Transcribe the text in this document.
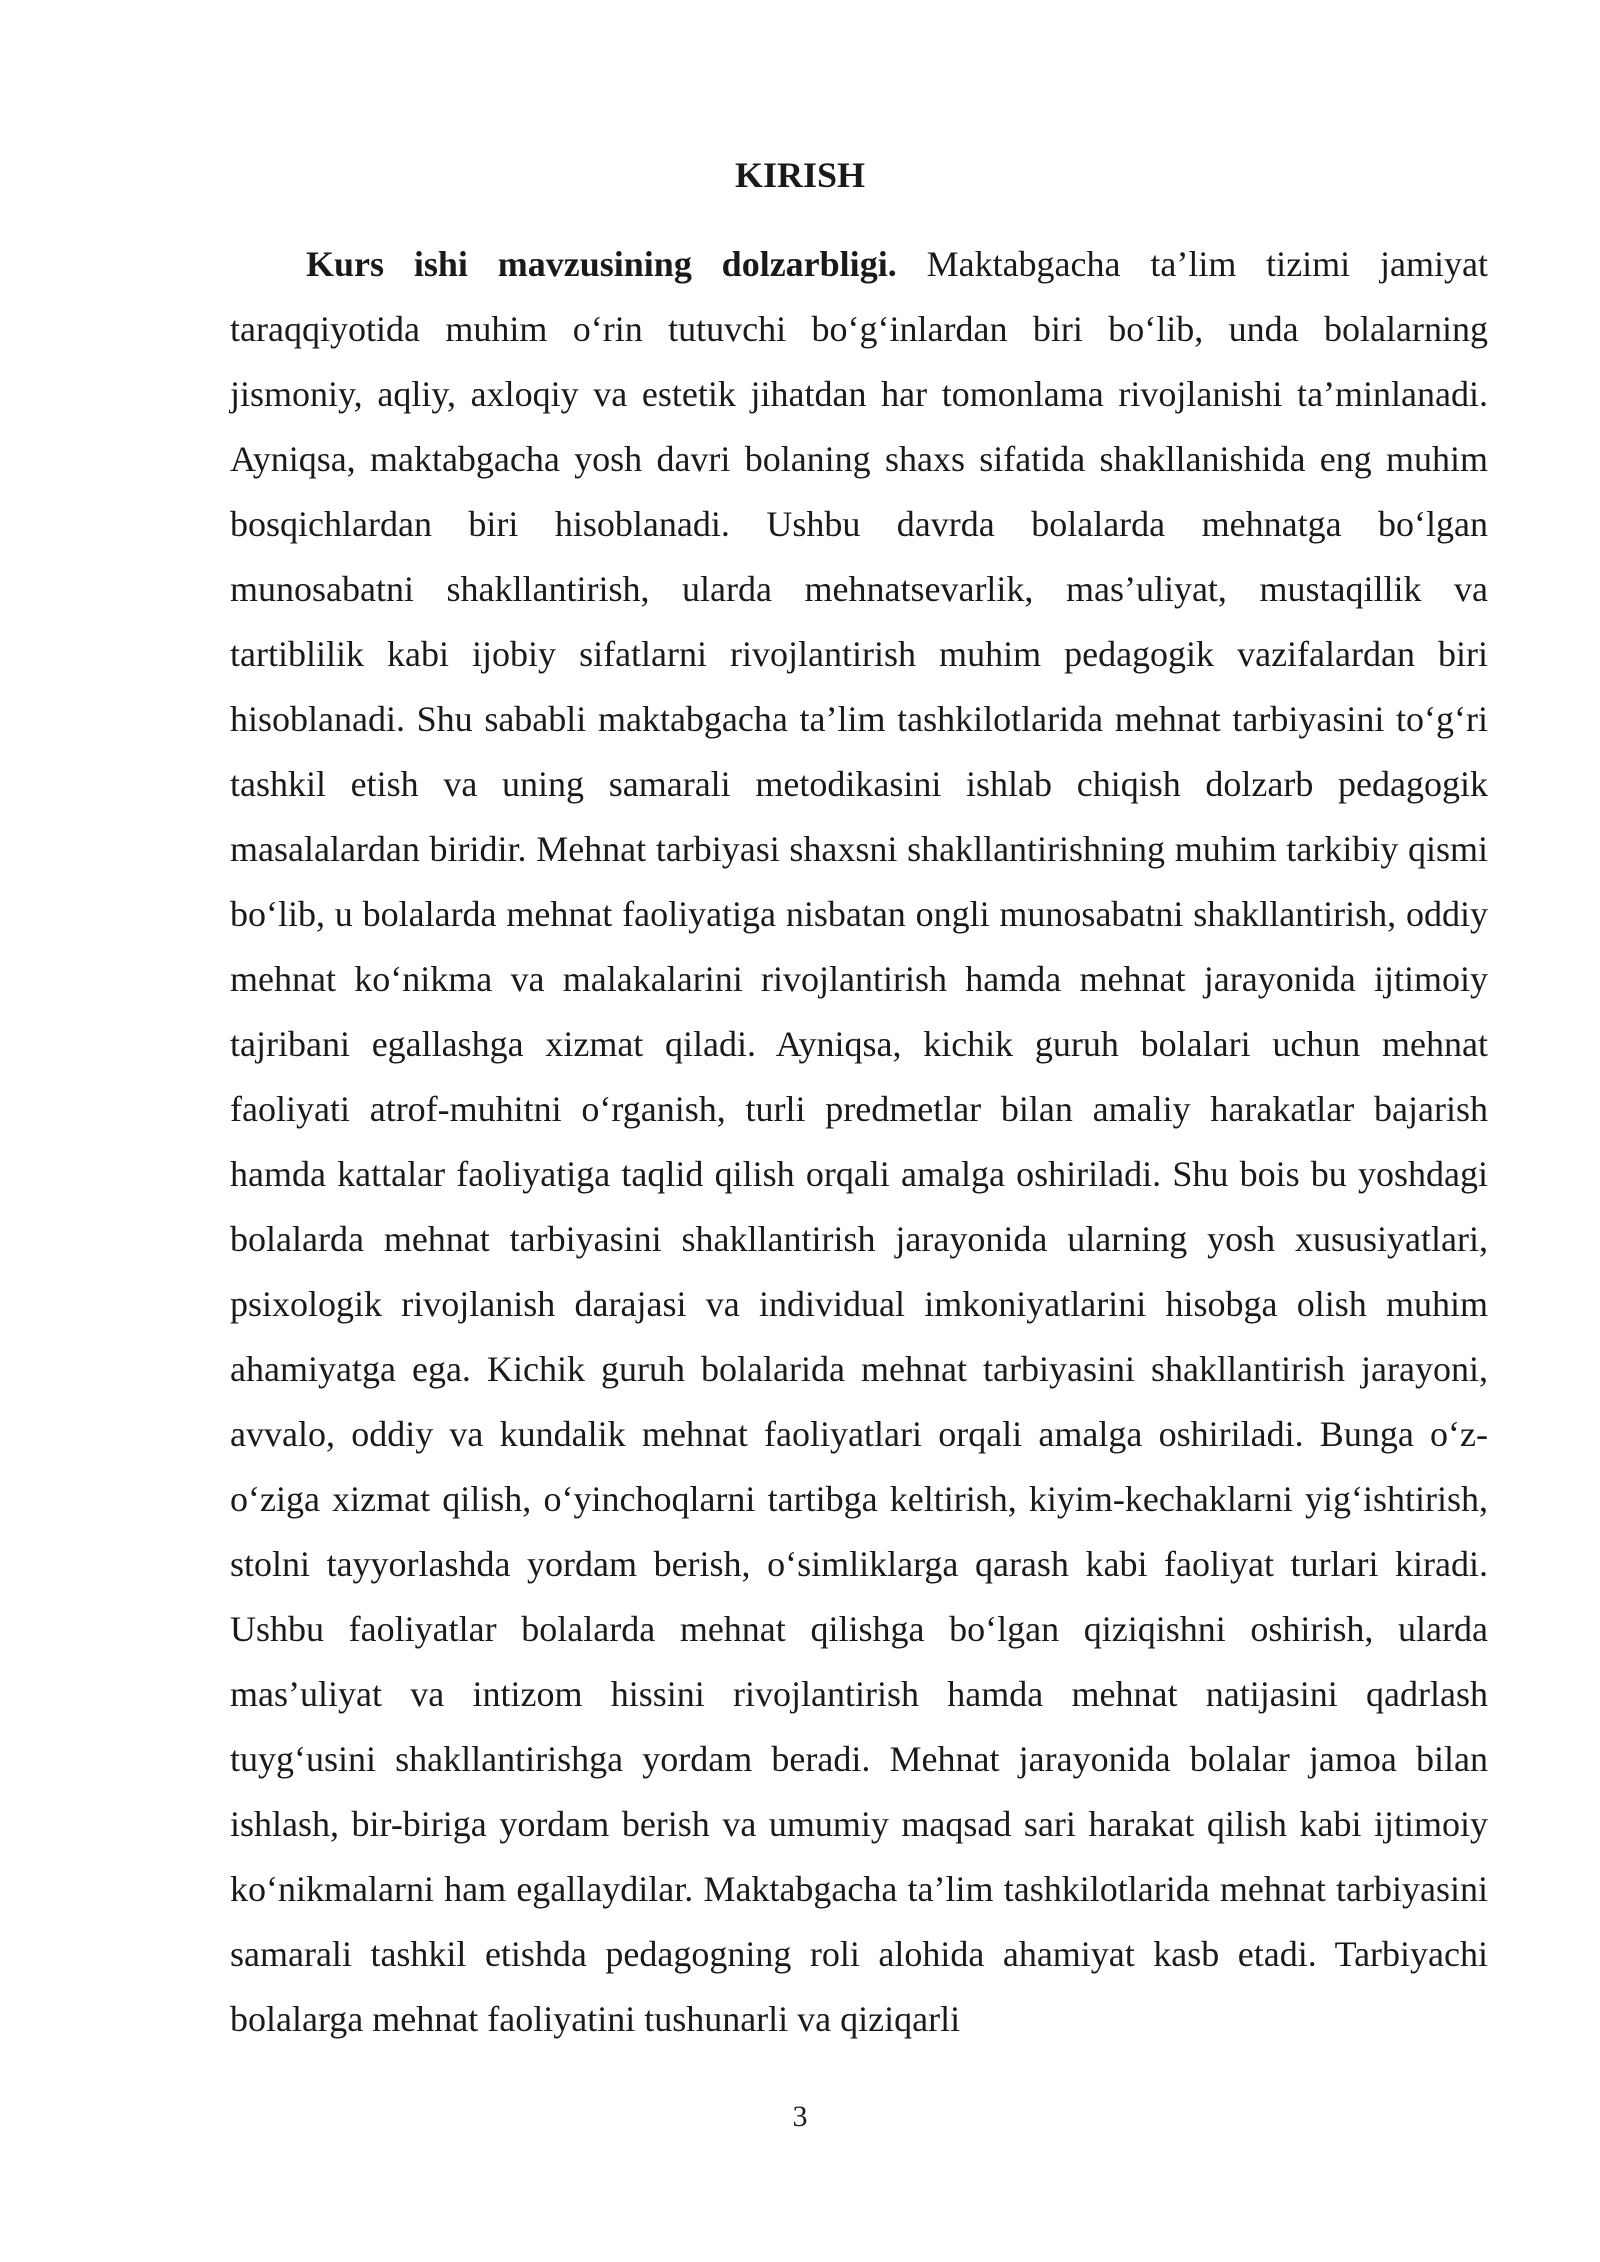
KIRISH

Kurs ishi mavzusining dolzarbligi. Maktabgacha ta’lim tizimi jamiyat taraqqiyotida muhim o‘rin tutuvchi bo‘g‘inlardan biri bo‘lib, unda bolalarning jismoniy, aqliy, axloqiy va estetik jihatdan har tomonlama rivojlanishi ta’minlanadi. Ayniqsa, maktabgacha yosh davri bolaning shaxs sifatida shakllanishida eng muhim bosqichlardan biri hisoblanadi. Ushbu davrda bolalarda mehnatga bo‘lgan munosabatni shakllantirish, ularda mehnatsevarlik, mas’uliyat, mustaqillik va tartiblilik kabi ijobiy sifatlarni rivojlantirish muhim pedagogik vazifalardan biri hisoblanadi. Shu sababli maktabgacha ta’lim tashkilotlarida mehnat tarbiyasini to‘g‘ri tashkil etish va uning samarali metodikasini ishlab chiqish dolzarb pedagogik masalalardan biridir. Mehnat tarbiyasi shaxsni shakllantirishning muhim tarkibiy qismi bo‘lib, u bolalarda mehnat faoliyatiga nisbatan ongli munosabatni shakllantirish, oddiy mehnat ko‘nikma va malakalarini rivojlantirish hamda mehnat jarayonida ijtimoiy tajribani egallashga xizmat qiladi. Ayniqsa, kichik guruh bolalari uchun mehnat faoliyati atrof-muhitni o‘rganish, turli predmetlar bilan amaliy harakatlar bajarish hamda kattalar faoliyatiga taqlid qilish orqali amalga oshiriladi. Shu bois bu yoshdagi bolalarda mehnat tarbiyasini shakllantirish jarayonida ularning yosh xususiyatlari, psixologik rivojlanish darajasi va individual imkoniyatlarini hisobga olish muhim ahamiyatga ega. Kichik guruh bolalarida mehnat tarbiyasini shakllantirish jarayoni, avvalo, oddiy va kundalik mehnat faoliyatlari orqali amalga oshiriladi. Bunga o‘z-o‘ziga xizmat qilish, o‘yinchoqlarni tartibga keltirish, kiyim-kechaklarni yig‘ishtirish, stolni tayyorlashda yordam berish, o‘simliklarga qarash kabi faoliyat turlari kiradi. Ushbu faoliyatlar bolalarda mehnat qilishga bo‘lgan qiziqishni oshirish, ularda mas’uliyat va intizom hissini rivojlantirish hamda mehnat natijasini qadrlash tuyg‘usini shakllantirishga yordam beradi. Mehnat jarayonida bolalar jamoa bilan ishlash, bir-biriga yordam berish va umumiy maqsad sari harakat qilish kabi ijtimoiy ko‘nikmalarni ham egallaydilar. Maktabgacha ta’lim tashkilotlarida mehnat tarbiyasini samarali tashkil etishda pedagogning roli alohida ahamiyat kasb etadi. Tarbiyachi bolalarga mehnat faoliyatini tushunarli va qiziqarli

3
